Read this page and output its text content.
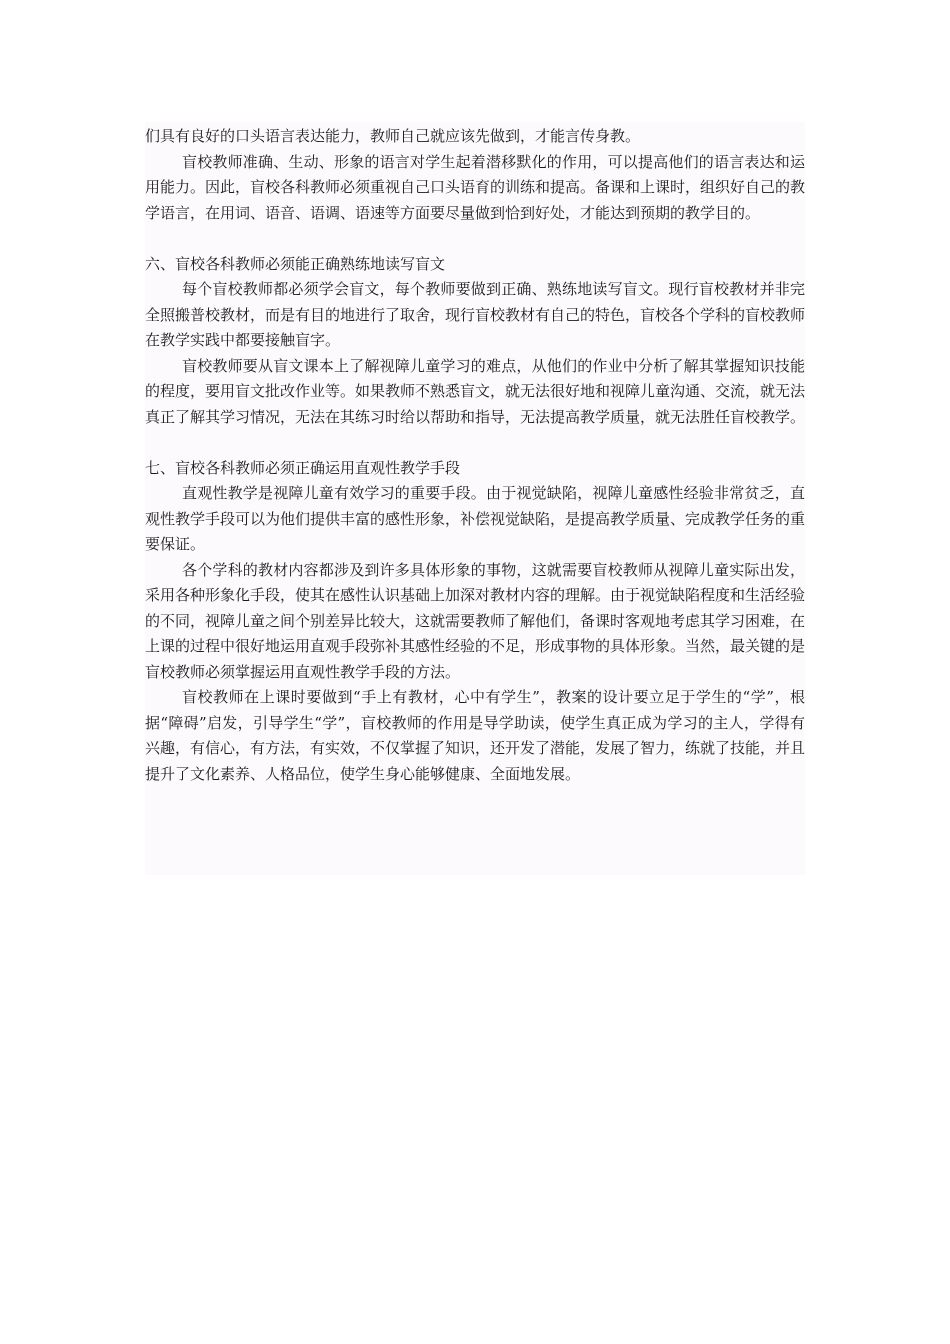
们具有良好的口头语言表达能力，教师自己就应该先做到，才能言传身教。

盲校教师准确、生动、形象的语言对学生起着潜移默化的作用，可以提高他们的语言表达和运用能力。因此，盲校各科教师必须重视自己口头语育的训练和提高。备课和上课时，组织好自己的教学语言，在用词、语音、语调、语速等方面要尽量做到恰到好处，才能达到预期的教学目的。

六、盲校各科教师必须能正确熟练地读写盲文

每个盲校教师都必须学会盲文，每个教师要做到正确、熟练地读写盲文。现行盲校教材并非完全照搬普校教材，而是有目的地进行了取舍，现行盲校教材有自己的特色，盲校各个学科的盲校教师在教学实践中都要接触盲字。

盲校教师要从盲文课本上了解视障儿童学习的难点，从他们的作业中分析了解其掌握知识技能的程度，要用盲文批改作业等。如果教师不熟悉盲文，就无法很好地和视障儿童沟通、交流，就无法真正了解其学习情况，无法在其练习时给以帮助和指导，无法提高教学质量，就无法胜任盲校教学。

七、盲校各科教师必须正确运用直观性教学手段

直观性教学是视障儿童有效学习的重要手段。由于视觉缺陷，视障儿童感性经验非常贫乏，直观性教学手段可以为他们提供丰富的感性形象，补偿视觉缺陷，是提高教学质量、完成教学任务的重要保证。

各个学科的教材内容都涉及到许多具体形象的事物，这就需要盲校教师从视障儿童实际出发，采用各种形象化手段，使其在感性认识基础上加深对教材内容的理解。由于视觉缺陷程度和生活经验的不同，视障儿童之间个别差异比较大，这就需要教师了解他们，备课时客观地考虑其学习困难，在上课的过程中很好地运用直观手段弥补其感性经验的不足，形成事物的具体形象。当然，最关键的是盲校教师必须掌握运用直观性教学手段的方法。

盲校教师在上课时要做到“手上有教材，心中有学生”，教案的设计要立足于学生的“学”，根据“障碍”启发，引导学生“学”，盲校教师的作用是导学助读，使学生真正成为学习的主人，学得有兴趣，有信心，有方法，有实效，不仅掌握了知识，还开发了潜能，发展了智力，练就了技能，并且提升了文化素养、人格品位，使学生身心能够健康、全面地发展。
